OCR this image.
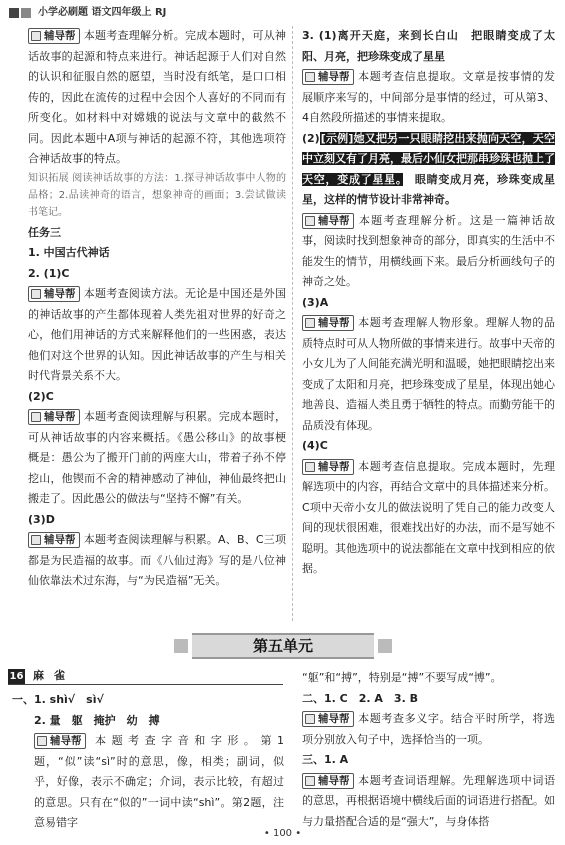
小学必刷题 语文四年级上 RJ

辅导帮 本题考查理解分析。完成本题时，可从神话故事的起源和特点来进行。神话起源于人们对自然的认识和征服自然的愿望，当时没有纸笔，是口口相传的，因此在流传的过程中会因个人喜好的不同而有所变化。如材料中对嫦娥的说法与文章中的截然不同。因此本题中A项与神话的起源不符，其他选项符合神话故事的特点。

知识拓展 阅读神话故事的方法：1.探寻神话故事中人物的品格；2.品读神奇的语言，想象神奇的画面；3.尝试做读书笔记。

任务三

1. 中国古代神话

2. (1)C

辅导帮 本题考查阅读方法。无论是中国还是外国的神话故事的产生都体现着人类先祖对世界的好奇之心，他们用神话的方式来解释他们的一些困惑，表达他们对这个世界的认知。因此神话故事的产生与相关时代背景关系不大。

(2)C

辅导帮 本题考查阅读理解与积累。完成本题时，可从神话故事的内容来概括。《愚公移山》的故事梗概是：愚公为了搬开门前的两座大山，带着子孙不停挖山，他锲而不舍的精神感动了神仙，神仙最终把山搬走了。因此愚公的做法与“坚持不懈”有关。

(3)D

辅导帮 本题考查阅读理解与积累。A、B、C三项都是为民造福的故事。而《八仙过海》写的是八位神仙依靠法术过东海，与“为民造福”无关。

3. (1)离开天庭，来到长白山　把眼睛变成了太阳、月亮，把珍珠变成了星星

辅导帮 本题考查信息提取。文章是按事情的发展顺序来写的，中间部分是事情的经过，可从第3、4自然段所描述的事情来提取。

(2)[示例]她又把另一只眼睛挖出来抛向天空，天空中立刻又有了月亮，最后小仙女把那串珍珠也抛上了天空，变成了星星。　眼睛变成月亮，珍珠变成星星，这样的情节设计非常神奇。

辅导帮 本题考查理解分析。这是一篇神话故事，阅读时找到想象神奇的部分，即真实的生活中不能发生的情节，用横线画下来。最后分析画线句子的神奇之处。

(3)A

辅导帮 本题考查理解人物形象。理解人物的品质特点时可从人物所做的事情来进行。故事中天帝的小女儿为了人间能充满光明和温暖，她把眼睛挖出来变成了太阳和月亮，把珍珠变成了星星，体现出她心地善良、造福人类且勇于牺牲的特点。而勤劳能干的品质没有体现。

(4)C

辅导帮 本题考查信息提取。完成本题时，先理解选项中的内容，再结合文章中的具体描述来分析。C项中天帝小女儿的做法说明了凭自己的能力改变人间的现状很困难，很难找出好的办法，而不是写她不聪明。其他选项中的说法都能在文章中找到相应的依据。

第五单元
16 麻雀

一、1. shì√　sì√

2. 量　躯　掩护　幼　搏

辅导帮 本题考查字音和字形。第1题，“似”读“sì”时的意思，像，相类；副词，似乎，好像，表示不确定；介词，表示比较，有超过的意思。只有在“似的”一词中读“shì”。第2题，注意易错字

“躯”和“搏”，特别是“搏”不要写成“博”。

二、1. C　2. A　3. B

辅导帮 本题考查多义字。结合平时所学，将选项分别放入句子中，选择恰当的一项。

三、1. A

辅导帮 本题考查词语理解。先理解选项中词语的意思，再根据语境中横线后面的词语进行搭配。如与力量搭配合适的是“强大”，与身体搭

• 100 •
